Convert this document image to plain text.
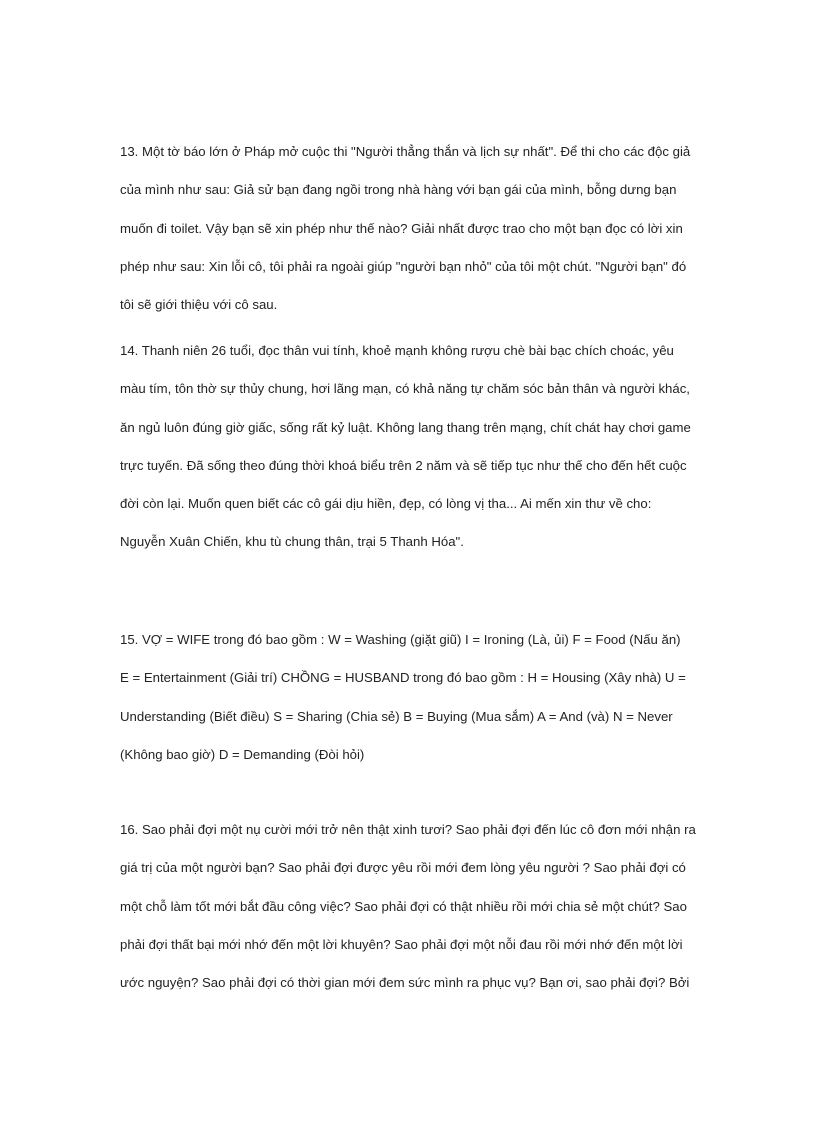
13. Một tờ báo lớn ở Pháp mở cuộc thi "Người thẳng thắn và lịch sự nhất". Để thi cho các độc giả
của mình như sau: Giả sử bạn đang ngồi trong nhà hàng với bạn gái của mình, bỗng dưng bạn
muốn đi toilet. Vậy bạn sẽ xin phép như thế nào? Giải nhất được trao cho một bạn đọc có lời xin
phép như sau: Xin lỗi cô, tôi phải ra ngoài giúp "người bạn nhỏ" của tôi một chút. "Người bạn" đó
tôi sẽ giới thiệu với cô sau.
14. Thanh niên 26 tuổi, đọc thân vui tính, khoẻ mạnh không rượu chè bài bạc chích choác, yêu
màu tím, tôn thờ sự thủy chung, hơi lãng mạn, có khả năng tự chăm sóc bản thân và người khác,
ăn ngủ luôn đúng giờ giấc, sống rất kỷ luật. Không lang thang trên mạng, chít chát hay chơi game
trực tuyến. Đã sống theo đúng thời khoá biểu trên 2 năm và sẽ tiếp tục như thế cho đến hết cuộc
đời còn lại. Muốn quen biết các cô gái dịu hiền, đẹp, có lòng vị tha... Ai mến xin thư về cho:
Nguyễn Xuân Chiến, khu tù chung thân, trại 5 Thanh Hóa".
15. VỢ = WIFE trong đó bao gồm : W = Washing (giặt giũ) I = Ironing (Là, ủi) F = Food (Nấu ăn)
E = Entertainment (Giải trí) CHỒNG = HUSBAND trong đó bao gồm : H = Housing (Xây nhà) U =
Understanding (Biết điều) S = Sharing (Chia sẻ) B = Buying (Mua sắm) A = And (và) N = Never
(Không bao giờ) D = Demanding (Đòi hỏi)
16. Sao phải đợi một nụ cười mới trở nên thật xinh tươi? Sao phải đợi đến lúc cô đơn mới nhận ra
giá trị của một người bạn? Sao phải đợi được yêu rồi mới đem lòng yêu người ? Sao phải đợi có
một chỗ làm tốt mới bắt đầu công việc? Sao phải đợi có thật nhiều rồi mới chia sẻ một chút? Sao
phải đợi thất bại mới nhớ đến một lời khuyên? Sao phải đợi một nỗi đau rồi mới nhớ đến một lời
ước nguyện? Sao phải đợi có thời gian mới đem sức mình ra phục vụ? Bạn ơi, sao phải đợi? Bởi
